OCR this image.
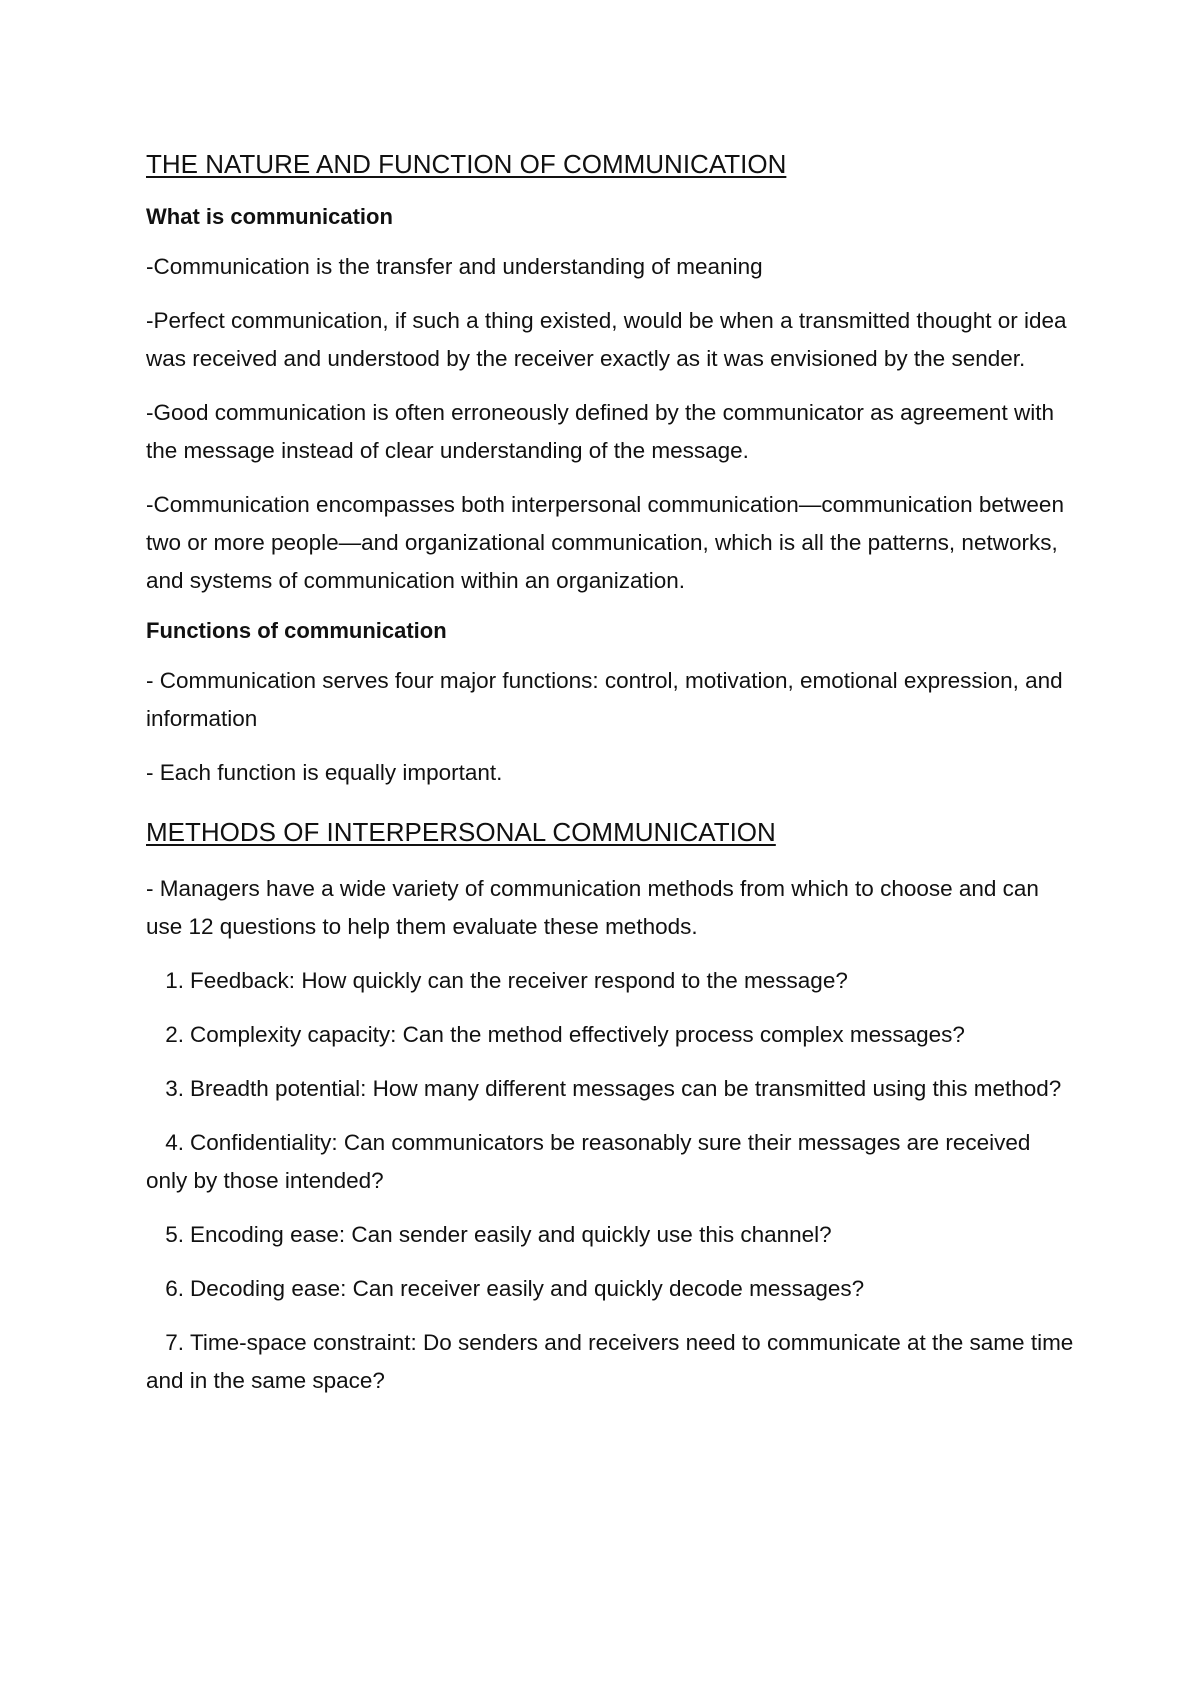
THE NATURE AND FUNCTION OF COMMUNICATION
What is communication
-Communication is the transfer and understanding of meaning
-Perfect communication, if such a thing existed, would be when a transmitted thought or idea was received and understood by the receiver exactly as it was envisioned by the sender.
-Good communication is often erroneously defined by the communicator as agreement with the message instead of clear understanding of the message.
-Communication encompasses both interpersonal communication—communication between two or more people—and organizational communication, which is all the patterns, networks, and systems of communication within an organization.
Functions of communication
- Communication serves four major functions: control, motivation, emotional expression, and information
- Each function is equally important.
METHODS OF INTERPERSONAL COMMUNICATION
- Managers have a wide variety of communication methods from which to choose and can use 12 questions to help them evaluate these methods.
1. Feedback: How quickly can the receiver respond to the message?
2. Complexity capacity: Can the method effectively process complex messages?
3. Breadth potential: How many different messages can be transmitted using this method?
4. Confidentiality: Can communicators be reasonably sure their messages are received only by those intended?
5. Encoding ease: Can sender easily and quickly use this channel?
6. Decoding ease: Can receiver easily and quickly decode messages?
7. Time-space constraint: Do senders and receivers need to communicate at the same time and in the same space?
